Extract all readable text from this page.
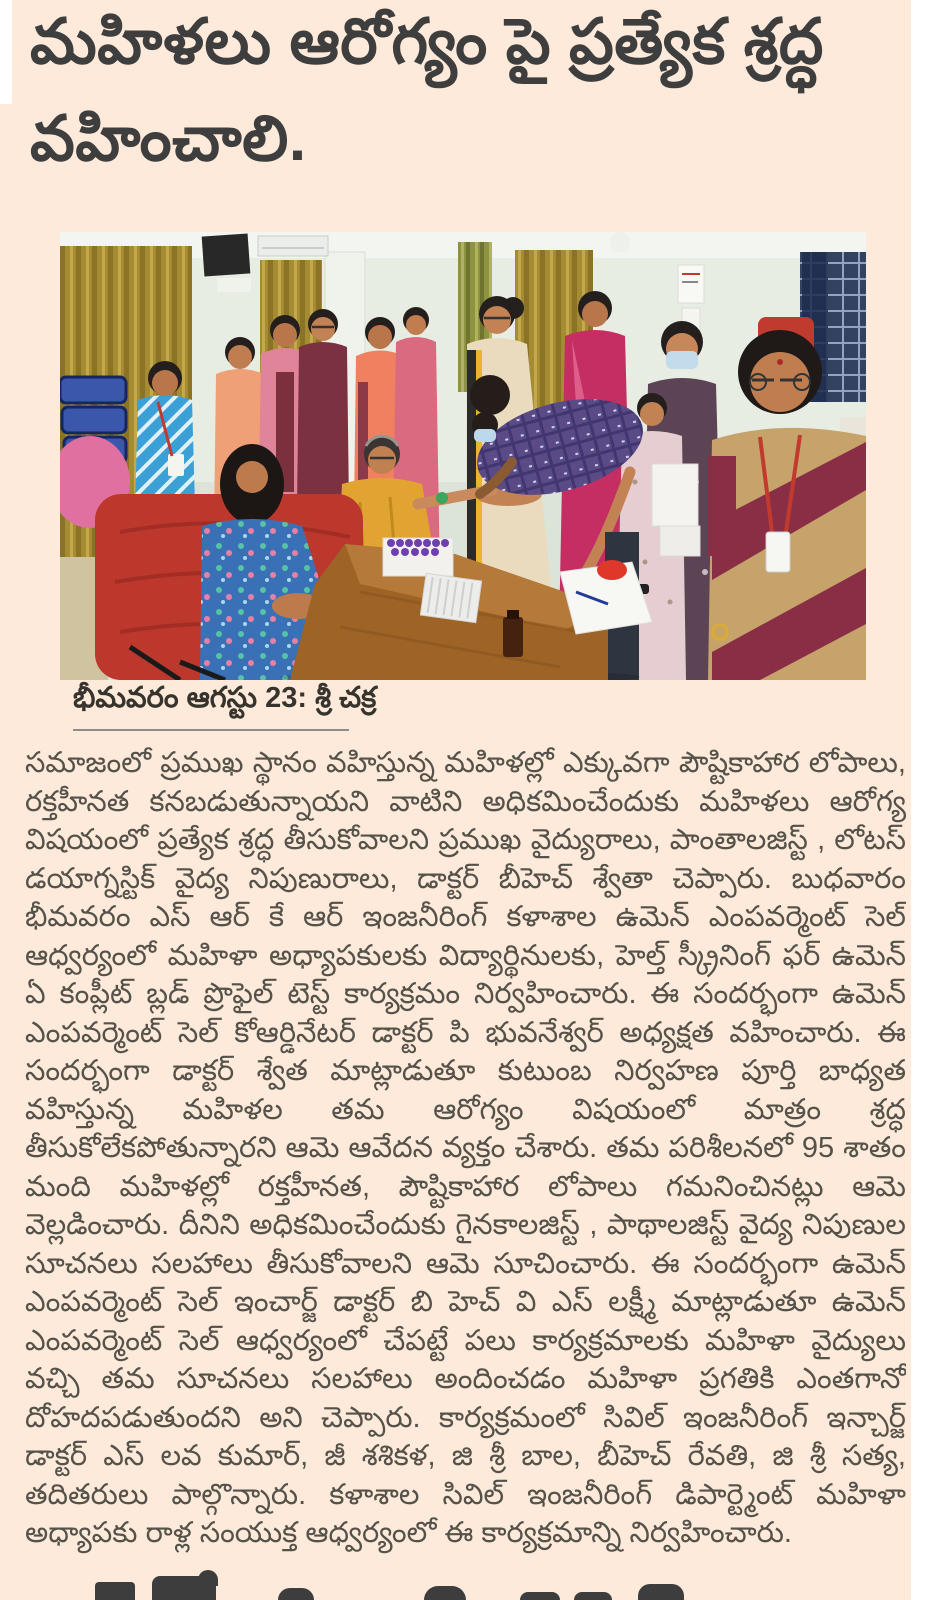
మహిళలు ఆరోగ్యం పై ప్రత్యేక శ్రద్ధ వహించాలి.
భీమవరం ఆగస్టు 23: శ్రీ చక్ర

సమాజంలో ప్రముఖ స్థానం వహిస్తున్న మహిళల్లో ఎక్కువగా పౌష్టికాహార లోపాలు, రక్తహీనత కనబడుతున్నాయని వాటిని అధికమించేందుకు మహిళలు ఆరోగ్య విషయంలో ప్రత్యేక శ్రద్ధ తీసుకోవాలని ప్రముఖ వైద్యురాలు, పాంతాలజిస్ట్ , లోటస్ డయాగ్నస్టిక్ వైద్య నిపుణురాలు, డాక్టర్ బీహెచ్ శ్వేతా చెప్పారు. బుధవారం భీమవరం ఎస్ ఆర్ కే ఆర్ ఇంజనీరింగ్ కళాశాల ఉమెన్ ఎంపవర్మెంట్ సెల్ ఆధ్వర్యంలో మహిళా అధ్యాపకులకు విద్యార్థినులకు, హెల్త్ స్క్రీనింగ్ ఫర్ ఉమెన్ ఏ కంప్లీట్ బ్లడ్ ప్రొఫైల్ టెస్ట్ కార్యక్రమం నిర్వహించారు. ఈ సందర్భంగా ఉమెన్ ఎంపవర్మెంట్ సెల్ కోఆర్డినేటర్ డాక్టర్ పి భువనేశ్వర్ అధ్యక్షత వహించారు. ఈ సందర్భంగా డాక్టర్ శ్వేత మాట్లాడుతూ కుటుంబ నిర్వహణ పూర్తి బాధ్యత వహిస్తున్న మహిళల తమ ఆరోగ్యం విషయంలో మాత్రం శ్రద్ధ తీసుకోలేకపోతున్నారని ఆమె ఆవేదన వ్యక్తం చేశారు. తమ పరిశీలనలో 95 శాతం మంది మహిళల్లో రక్తహీనత, పౌష్టికాహార లోపాలు గమనించినట్లు ఆమె వెల్లడించారు. దీనిని అధికమించేందుకు గైనకాలజిస్ట్ , పాథాలజిస్ట్ వైద్య నిపుణుల సూచనలు సలహాలు తీసుకోవాలని ఆమె సూచించారు. ఈ సందర్భంగా ఉమెన్ ఎంపవర్మెంట్ సెల్ ఇంచార్జ్ డాక్టర్ బి హెచ్ వి ఎస్ లక్ష్మీ మాట్లాడుతూ ఉమెన్ ఎంపవర్మెంట్ సెల్ ఆధ్వర్యంలో చేపట్టే పలు కార్యక్రమాలకు మహిళా వైద్యులు వచ్చి తమ సూచనలు సలహాలు అందించడం మహిళా ప్రగతికి ఎంతగానో దోహదపడుతుందని అని చెప్పారు. కార్యక్రమంలో సివిల్ ఇంజనీరింగ్ ఇన్చార్జ్ డాక్టర్ ఎస్ లవ కుమార్, జీ శశికళ, జి శ్రీ బాల, బీహెచ్ రేవతి, జి శ్రీ సత్య, తదితరులు పాల్గొన్నారు. కళాశాల సివిల్ ఇంజనీరింగ్ డిపార్ట్మెంట్ మహిళా అధ్యాపకు రాళ్ల సంయుక్త ఆధ్వర్యంలో ఈ కార్యక్రమాన్ని నిర్వహించారు.
